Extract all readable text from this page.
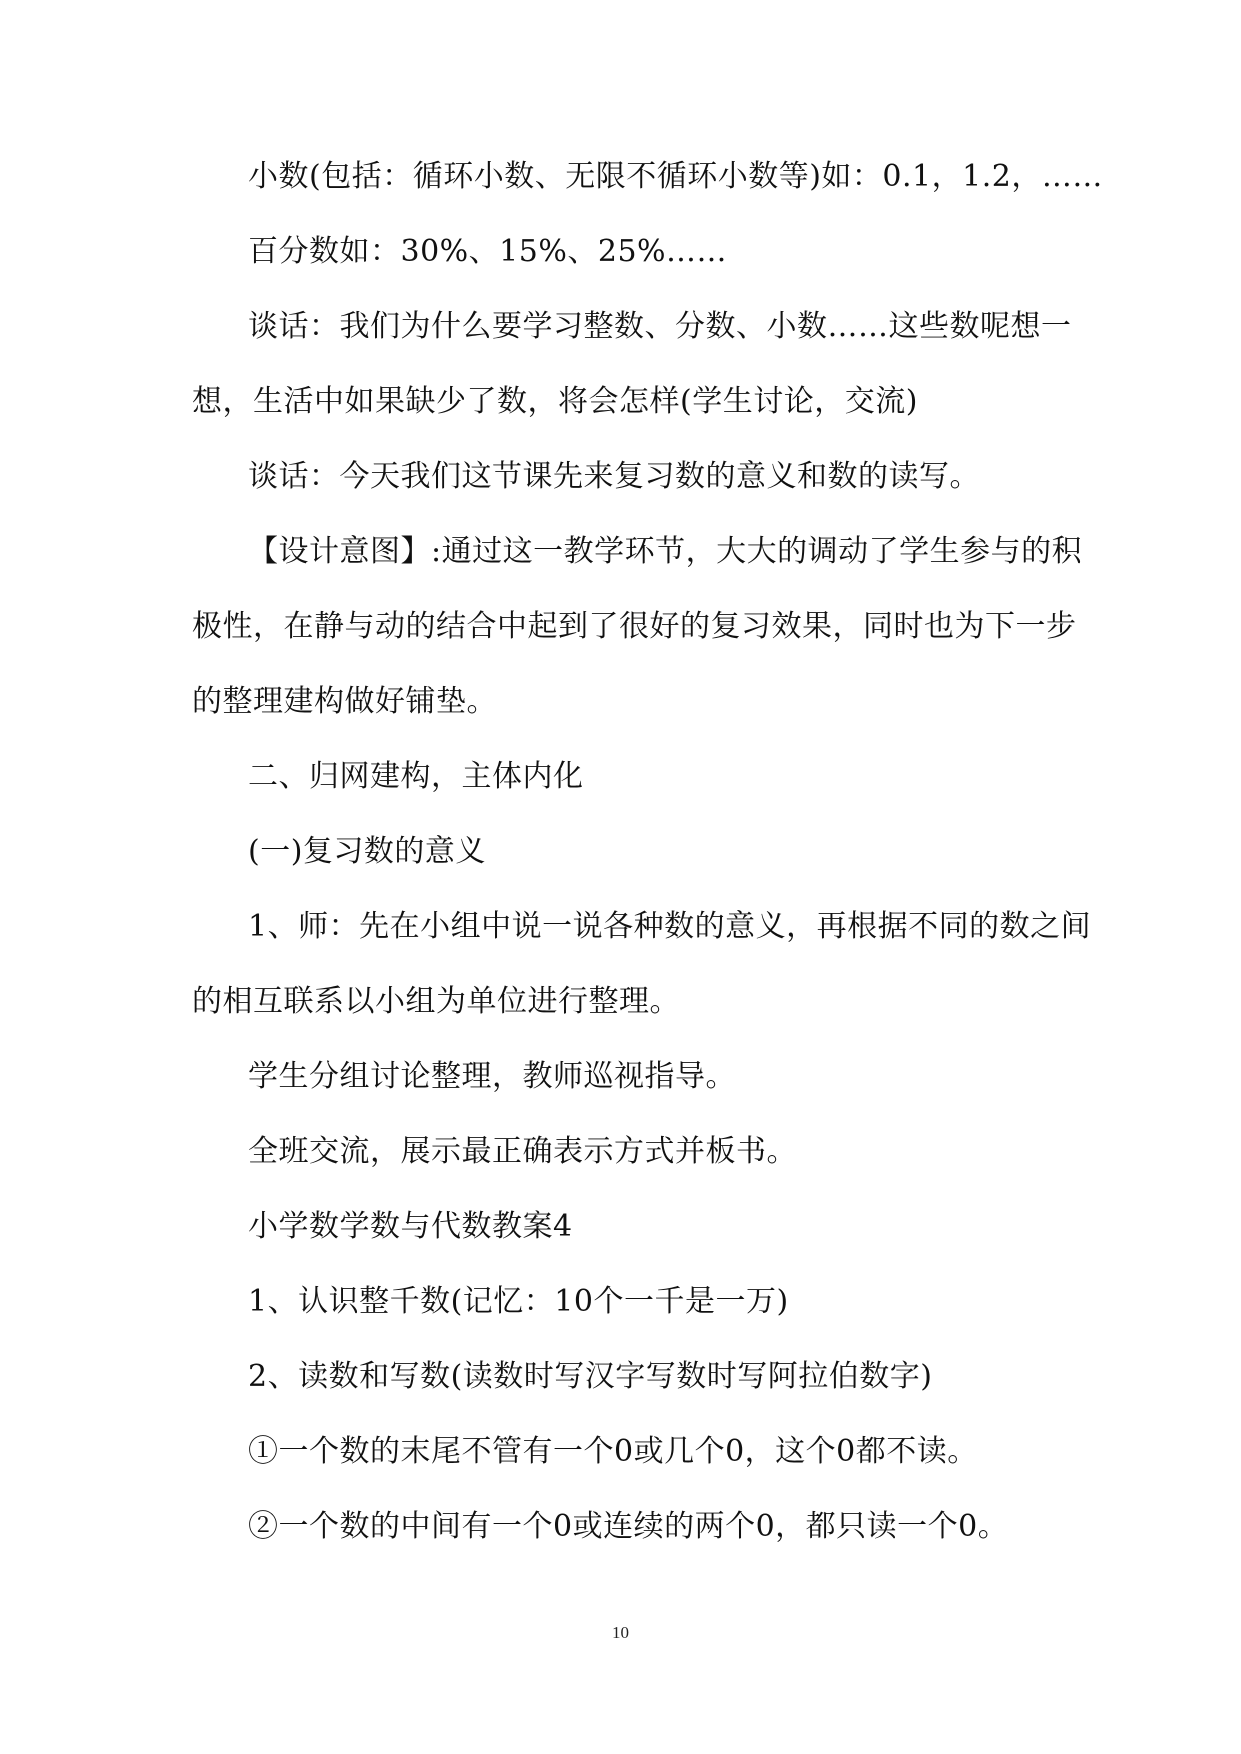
小数(包括：循环小数、无限不循环小数等)如：0.1，1.2，……
百分数如：30%、15%、25%……
谈话：我们为什么要学习整数、分数、小数……这些数呢想一
想，生活中如果缺少了数，将会怎样(学生讨论，交流)
谈话：今天我们这节课先来复习数的意义和数的读写。
【设计意图】:通过这一教学环节，大大的调动了学生参与的积
极性，在静与动的结合中起到了很好的复习效果，同时也为下一步
的整理建构做好铺垫。
二、归网建构，主体内化
(一)复习数的意义
1、师：先在小组中说一说各种数的意义，再根据不同的数之间
的相互联系以小组为单位进行整理。
学生分组讨论整理，教师巡视指导。
全班交流，展示最正确表示方式并板书。
小学数学数与代数教案4
1、认识整千数(记忆：10个一千是一万)
2、读数和写数(读数时写汉字写数时写阿拉伯数字)
①一个数的末尾不管有一个0或几个0，这个0都不读。
②一个数的中间有一个0或连续的两个0，都只读一个0。
10
